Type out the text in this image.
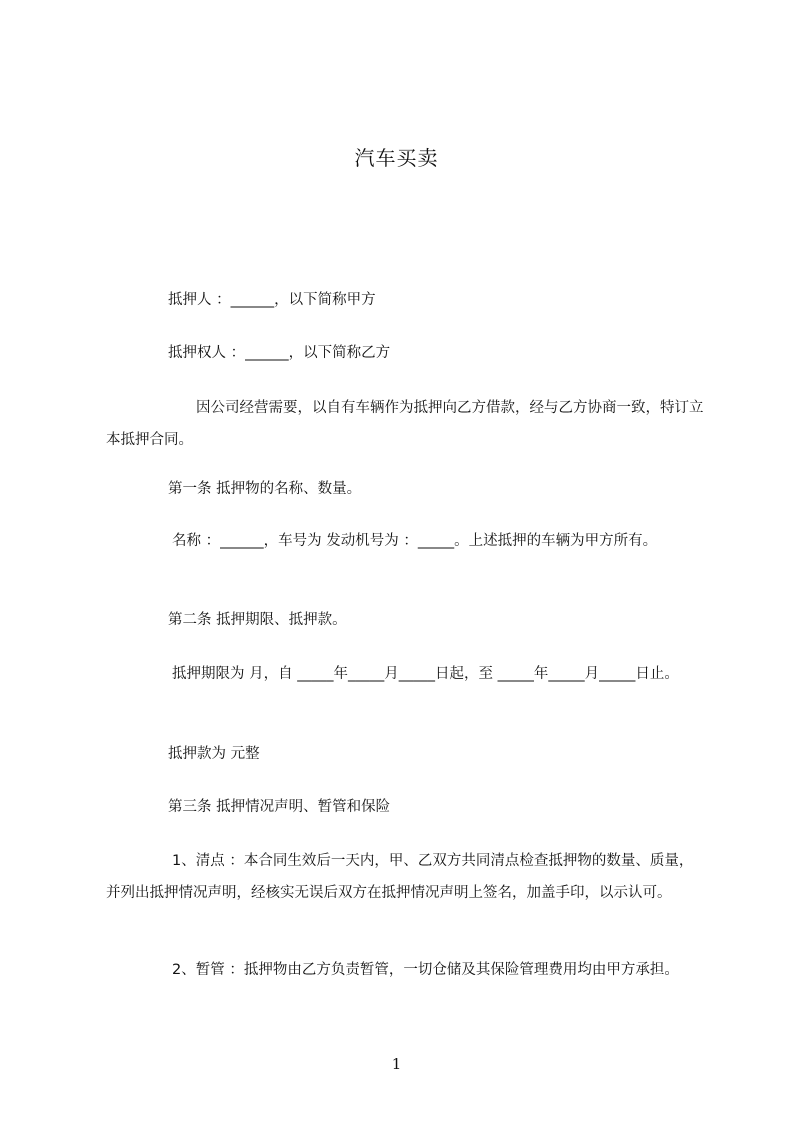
汽车买卖

抵押人 ：______，以下简称甲方

抵押权人 ：______，以下简称乙方

因公司经营需要，以自有车辆作为抵押向乙方借款，经与乙方协商一致，特订立本抵押合同。

第一条 抵押物的名称、数量。

名称 ：______，车号为 发动机号为 ：_____。上述抵押的车辆为甲方所有。

第二条 抵押期限、抵押款。

抵押期限为 月，自 _____年_____月_____日起，至 _____年_____月_____日止。

抵押款为 元整

第三条 抵押情况声明、暂管和保险

1、清点 ：本合同生效后一天内，甲、乙双方共同清点检查抵押物的数量、质量，并列出抵押情况声明，经核实无误后双方在抵押情况声明上签名，加盖手印，以示认可。

2、暂管 ：抵押物由乙方负责暂管，一切仓储及其保险管理费用均由甲方承担。

1
